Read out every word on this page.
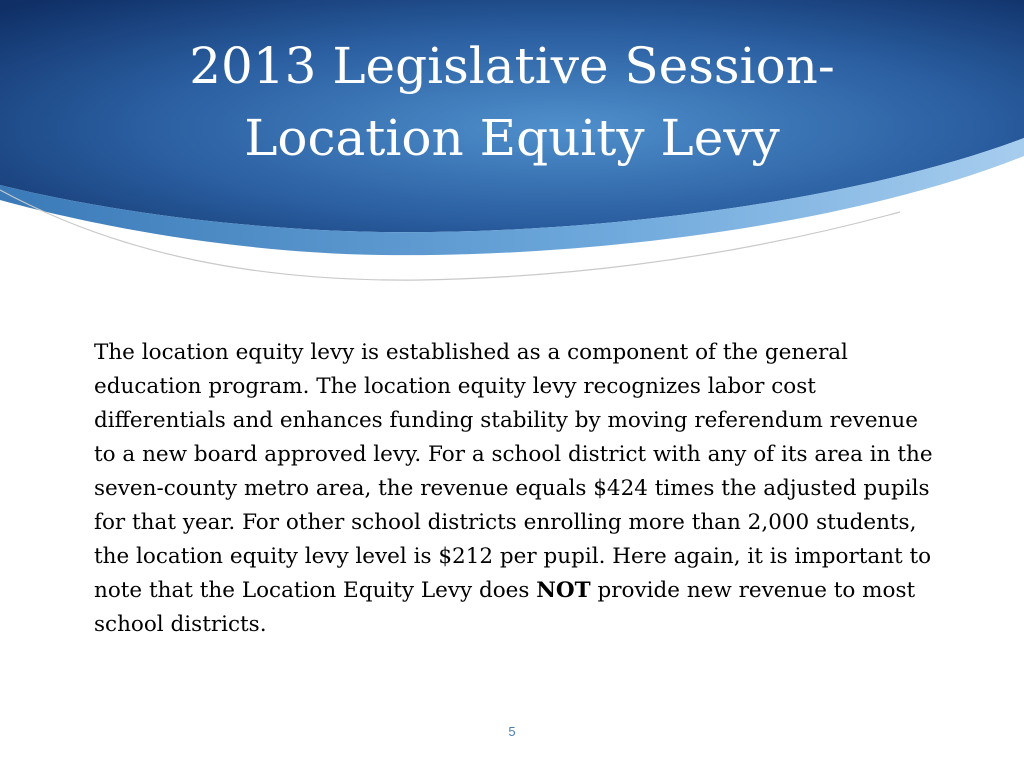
2013 Legislative Session-
Location Equity Levy

The location equity levy is established as a component of the general education program. The location equity levy recognizes labor cost differentials and enhances funding stability by moving referendum revenue to a new board approved levy. For a school district with any of its area in the seven-county metro area, the revenue equals $424 times the adjusted pupils for that year. For other school districts enrolling more than 2,000 students, the location equity levy level is $212 per pupil. Here again, it is important to note that the Location Equity Levy does NOT provide new revenue to most school districts.

5
